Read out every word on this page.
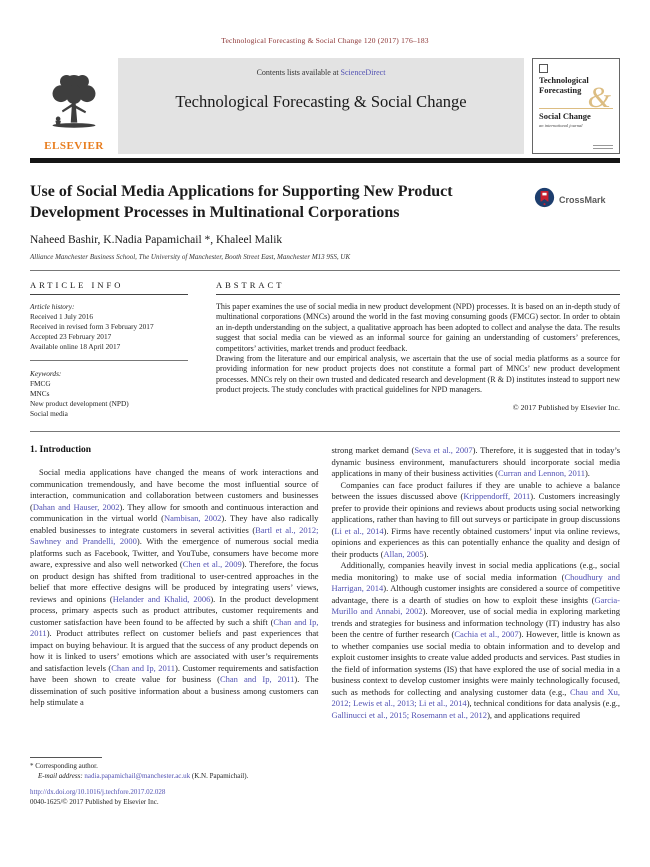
Technological Forecasting & Social Change 120 (2017) 176–183
ELSEVIER
Contents lists available at ScienceDirect
Technological Forecasting & Social Change	&
Technological
Forecasting
Social Change
an international journal
Use of Social Media Applications for Supporting New Product Development Processes in Multinational Corporations
CrossMark
Naheed Bashir, K.Nadia Papamichail *, Khaleel Malik
Alliance Manchester Business School, The University of Manchester, Booth Street East, Manchester M13 9SS, UK
ARTICLE INFO
Article history:
Received 1 July 2016
Received in revised form 3 February 2017
Accepted 23 February 2017
Available online 18 April 2017
Keywords:
FMCG
MNCs
New product development (NPD)
Social media
ABSTRACT
This paper examines the use of social media in new product development (NPD) processes. It is based on an in-depth study of multinational corporations (MNCs) around the world in the fast moving consuming goods (FMCG) sector. In order to obtain an in-depth understanding on the subject, a qualitative approach has been adopted to collect and analyse the data. The results suggest that social media can be viewed as an informal source for gaining an understanding of customers’ preferences, competitors’ activities, market trends and product feedback.
Drawing from the literature and our empirical analysis, we ascertain that the use of social media platforms as a source for providing information for new product projects does not constitute a formal part of MNCs’ new product development processes. MNCs rely on their own trusted and dedicated research and development (R & D) institutes instead to support new product projects. The study concludes with practical guidelines for NPD managers.
© 2017 Published by Elsevier Inc.
1. Introduction

Social media applications have changed the means of work interactions and communication tremendously, and have become the most influential source of interaction, communication and collaboration between customers and businesses (Dahan and Hauser, 2002). They allow for smooth and continuous interaction and communication in the virtual world (Nambisan, 2002). They have also radically enabled businesses to integrate customers in several activities (Bartl et al., 2012; Sawhney and Prandelli, 2000). With the emergence of numerous social media platforms such as Facebook, Twitter, and YouTube, consumers have become more aware, expressive and also well networked (Chen et al., 2009). Therefore, the focus on product design has shifted from traditional to user-centred approaches in the belief that more effective designs will be produced by integrating users’ views, reviews and opinions (Helander and Khalid, 2006). In the product development process, primary aspects such as product attributes, customer requirements and customer satisfaction have been found to be affected by such a shift (Chan and Ip, 2011). Product attributes reflect on customer beliefs and past experiences that impact on buying behaviour. It is argued that the success of any product depends on how it is linked to users’ emotions which are associated with user’s requirements and satisfaction levels (Chan and Ip, 2011). Customer requirements and satisfaction have been shown to create value for business (Chan and Ip, 2011). The dissemination of such positive information about a business among customers can help stimulate a

* Corresponding author.
E-mail address: nadia.papamichail@manchester.ac.uk (K.N. Papamichail).

strong market demand (Seva et al., 2007). Therefore, it is suggested that in today’s dynamic business environment, manufacturers should incorporate social media applications in many of their business activities (Curran and Lennon, 2011).

Companies can face product failures if they are unable to achieve a balance between the issues discussed above (Krippendorff, 2011). Customers increasingly prefer to provide their opinions and reviews about products using social networking applications, rather than having to fill out surveys or participate in group discussions (Li et al., 2014). Firms have recently obtained customers’ input via online reviews, opinions and experiences as this can potentially enhance the quality and design of their products (Allan, 2005).

Additionally, companies heavily invest in social media applications (e.g., social media monitoring) to make use of social media information (Choudhury and Harrigan, 2014). Although customer insights are considered a source of competitive advantage, there is a dearth of studies on how to exploit these insights (Garcia-Murillo and Annabi, 2002). Moreover, use of social media in exploring marketing trends and strategies for business and information technology (IT) industry has also been the centre of further research (Cachia et al., 2007). However, little is known as to whether companies use social media to obtain information and to develop and exploit customer insights to create value added products and services. Past studies in the field of information systems (IS) that have explored the use of social media in a business context to develop customer insights were mainly technologically focused, such as methods for collecting and analysing customer data (e.g., Chau and Xu, 2012; Lewis et al., 2013; Li et al., 2014), technical conditions for data analysis (e.g., Gallinucci et al., 2015; Rosemann et al., 2012), and applications required

http://dx.doi.org/10.1016/j.techfore.2017.02.028
0040-1625/© 2017 Published by Elsevier Inc.
